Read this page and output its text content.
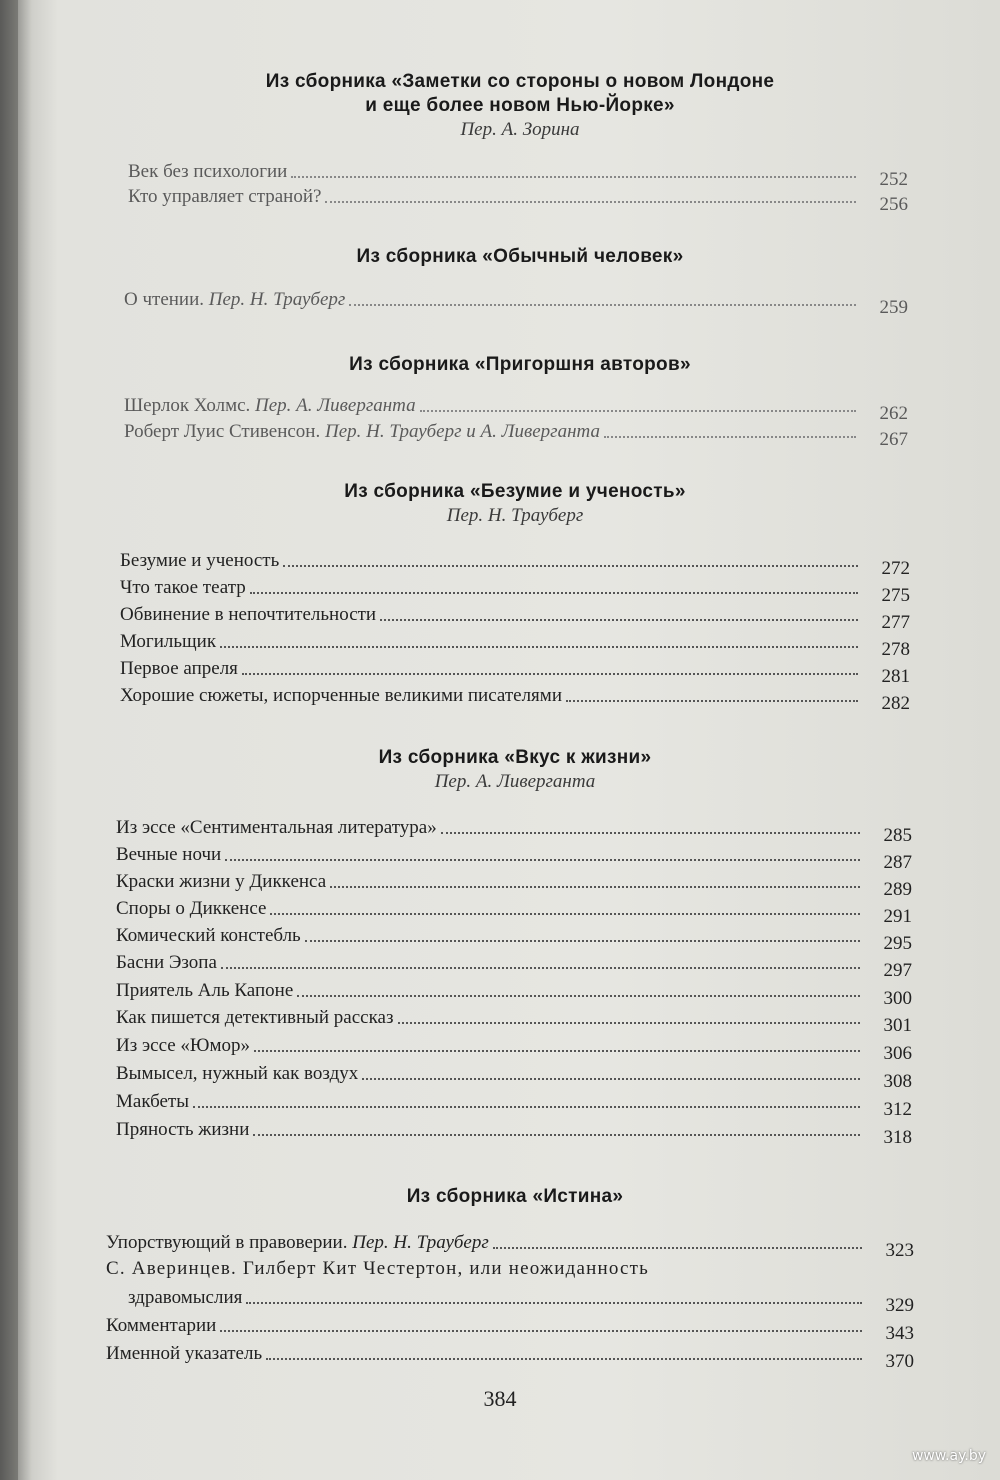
Из сборника «Заметки со стороны о новом Лондоне
и еще более новом Нью-Йорке»
Пер. А. Зорина
Век без психологии	252
Кто управляет страной?	256
Из сборника «Обычный человек»
О чтении. Пер. Н. Трауберг	259
Из сборника «Пригоршня авторов»
Шерлок Холмс. Пер. А. Ливерганта	262
Роберт Луис Стивенсон. Пер. Н. Трауберг и А. Ливерганта	267
Из сборника «Безумие и ученость»
Пер. Н. Трауберг
Безумие и ученость	272
Что такое театр	275
Обвинение в непочтительности	277
Могильщик	278
Первое апреля	281
Хорошие сюжеты, испорченные великими писателями	282
Из сборника «Вкус к жизни»
Пер. А. Ливерганта
Из эссе «Сентиментальная литература»	285
Вечные ночи	287
Краски жизни у Диккенса	289
Споры о Диккенсе	291
Комический констебль	295
Басни Эзопа	297
Приятель Аль Капоне	300
Как пишется детективный рассказ	301
Из эссе «Юмор»	306
Вымысел, нужный как воздух	308
Макбеты	312
Пряность жизни	318
Из сборника «Истина»
Упорствующий в правоверии. Пер. Н. Трауберг	323
С. Аверинцев. Гилберт Кит Честертон, или неожиданность
здравомыслия	329
Комментарии	343
Именной указатель	370
384
www.ay.by
